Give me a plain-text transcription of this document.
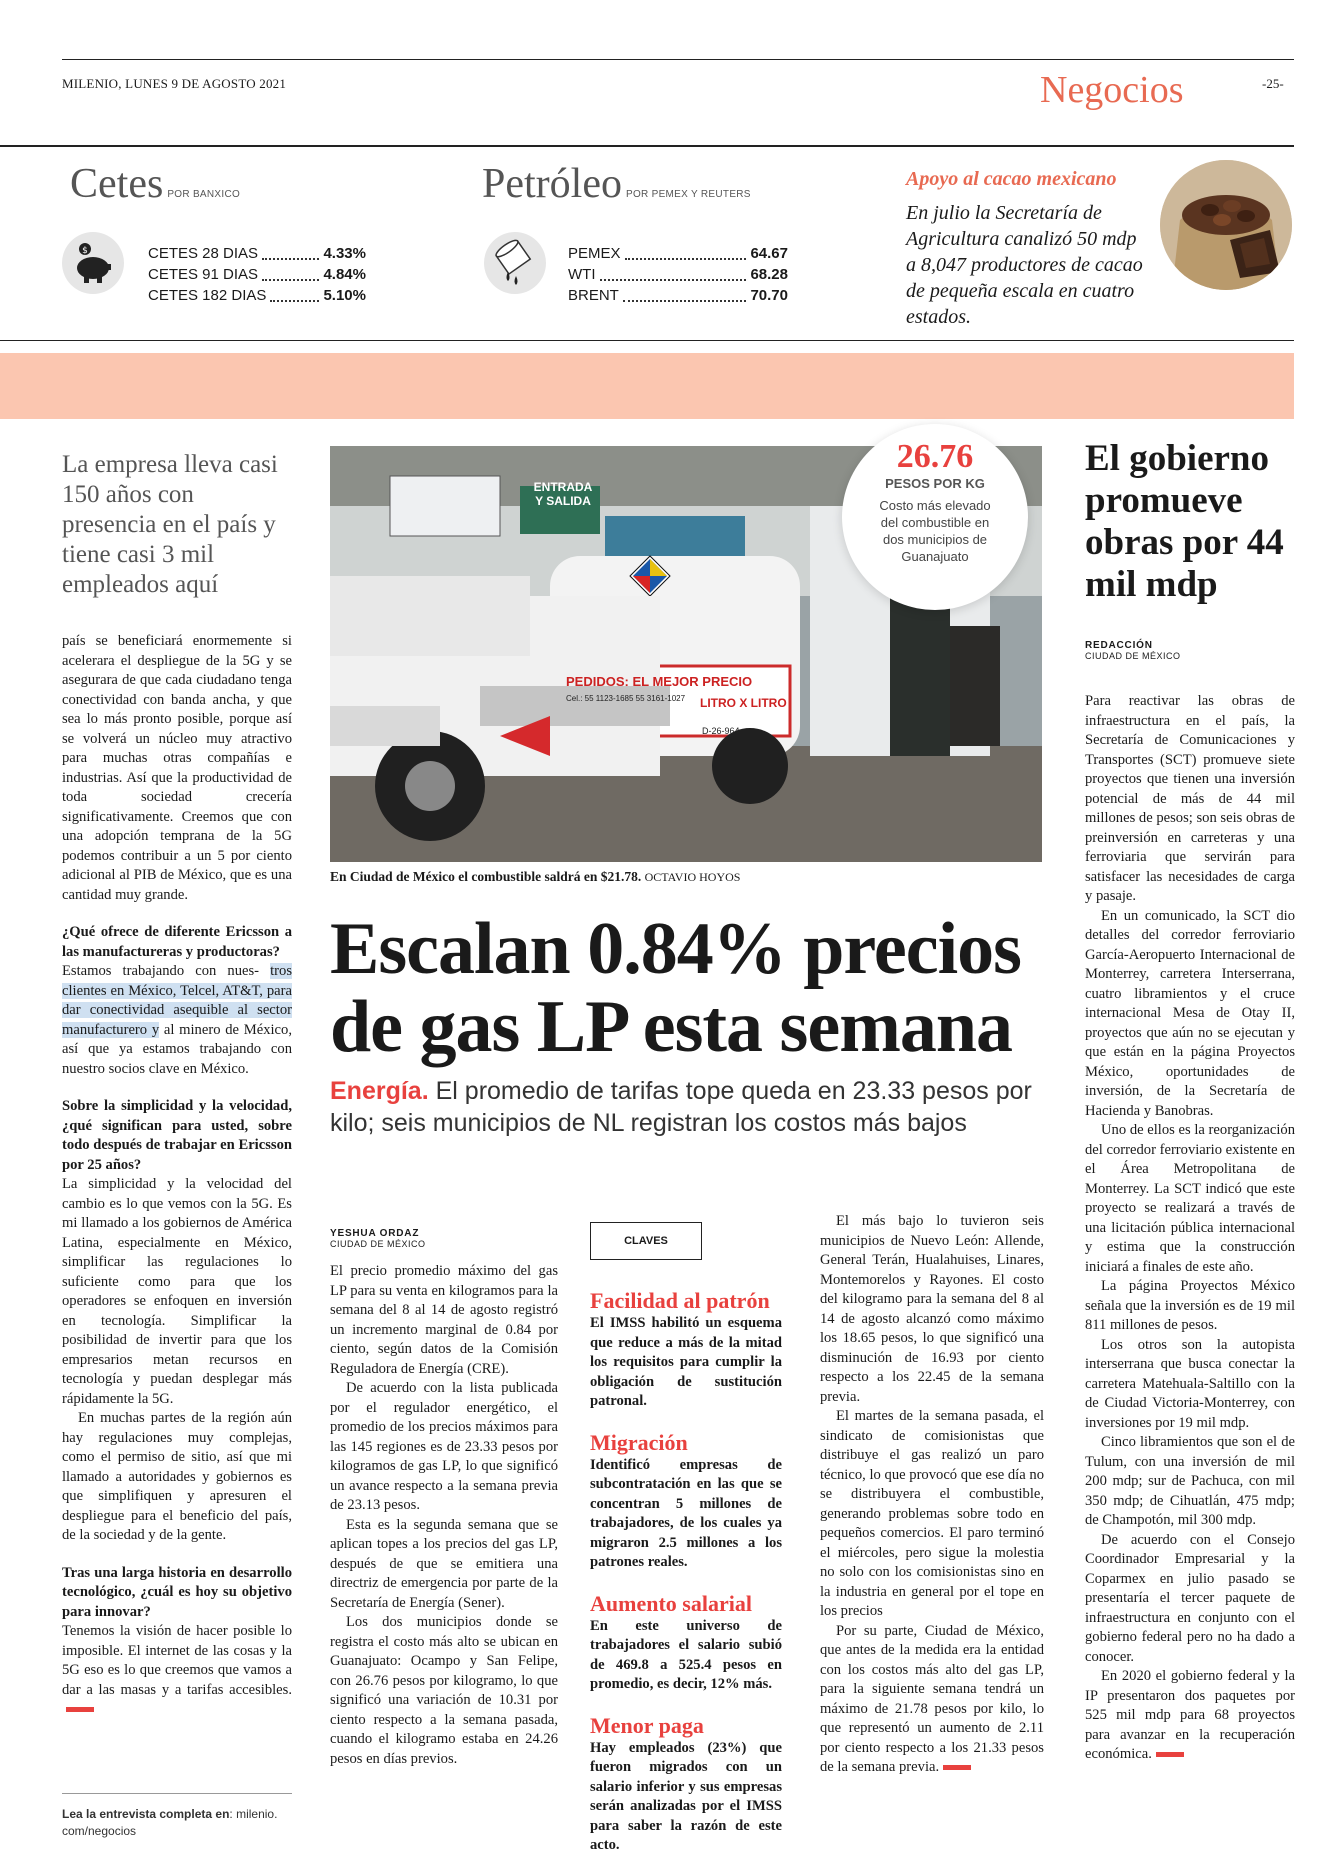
MILENIO, LUNES 9 DE AGOSTO 2021	Negocios	-25-
Cetes POR BANXICO
$	CETES 28 DIAS	4.33%
CETES 91 DIAS	4.84%
CETES 182 DIAS	5.10%
Petróleo POR PEMEX Y REUTERS
PEMEX	64.67
WTI	68.28
BRENT	70.70
Apoyo al cacao mexicano
En julio la Secretaría de Agricultura canalizó 50 mdp a 8,047 productores de cacao de pequeña escala en cuatro estados.
La empresa lleva casi 150 años con presencia en el país y tiene casi 3 mil empleados aquí

país se beneficiará enormemente si acelerara el despliegue de la 5G y se asegurara de que cada ciudadano tenga conectividad con banda ancha, y que sea lo más pronto posible, porque así se volverá un núcleo muy atractivo para muchas otras compañías e industrias. Así que la productividad de toda sociedad crecería significativamente. Creemos que con una adopción temprana de la 5G podemos contribuir a un 5 por ciento adicional al PIB de México, que es una cantidad muy grande.

¿Qué ofrece de diferente Ericsson a las manufactureras y productoras?

Estamos trabajando con nues- tros clientes en México, Telcel, AT&T, para dar conectividad asequible al sector manufacturero y al minero de México, así que ya estamos trabajando con nuestro socios clave en México.

Sobre la simplicidad y la velocidad, ¿qué significan para usted, sobre todo después de trabajar en Ericsson por 25 años?

La simplicidad y la velocidad del cambio es lo que vemos con la 5G. Es mi llamado a los gobiernos de América Latina, especialmente en México, simplificar las regulaciones lo suficiente como para que los operadores se enfoquen en inversión en tecnología. Simplificar la posibilidad de invertir para que los empresarios metan recursos en tecnología y puedan desplegar más rápidamente la 5G.

En muchas partes de la región aún hay regulaciones muy complejas, como el permiso de sitio, así que mi llamado a autoridades y gobiernos es que simplifiquen y apresuren el despliegue para el beneficio del país, de la sociedad y de la gente.

Tras una larga historia en desarrollo tecnológico, ¿cuál es hoy su objetivo para innovar?

Tenemos la visión de hacer posible lo imposible. El internet de las cosas y la 5G eso es lo que creemos que vamos a dar a las masas y a tarifas accesibles.

Lea la entrevista completa en: milenio. com/negocios
ENTRADA Y SALIDA
PEDIDOS: EL MEJOR PRECIO
Cel.: 55 1123-1685 55 3161-1027 LITRO X LITRO
D-26-964
En Ciudad de México el combustible saldrá en $21.78. OCTAVIO HOYOS
26.76
PESOS POR KG
Costo más elevado del combustible en dos municipios de Guanajuato
Escalan 0.84% precios de gas LP esta semana
Energía. El promedio de tarifas tope queda en 23.33 pesos por kilo; seis municipios de NL registran los costos más bajos
YESHUA ORDAZ
CIUDAD DE MÉXICO

El precio promedio máximo del gas LP para su venta en kilogramos para la semana del 8 al 14 de agosto registró un incremento marginal de 0.84 por ciento, según datos de la Comisión Reguladora de Energía (CRE).

De acuerdo con la lista publicada por el regulador energético, el promedio de los precios máximos para las 145 regiones es de 23.33 pesos por kilogramos de gas LP, lo que significó un avance respecto a la semana previa de 23.13 pesos.

Esta es la segunda semana que se aplican topes a los precios del gas LP, después de que se emitiera una directriz de emergencia por parte de la Secretaría de Energía (Sener).

Los dos municipios donde se registra el costo más alto se ubican en Guanajuato: Ocampo y San Felipe, con 26.76 pesos por kilogramo, lo que significó una variación de 10.31 por ciento respecto a la semana pasada, cuando el kilogramo estaba en 24.26 pesos en días previos.

CLAVES
Facilidad al patrón
El IMSS habilitó un esquema que reduce a más de la mitad los requisitos para cumplir la obligación de sustitución patronal.
Migración
Identificó empresas de subcontratación en las que se concentran 5 millones de trabajadores, de los cuales ya migraron 2.5 millones a los patrones reales.
Aumento salarial
En este universo de trabajadores el salario subió de 469.8 a 525.4 pesos en promedio, es decir, 12% más.
Menor paga
Hay empleados (23%) que fueron migrados con un salario inferior y sus empresas serán analizadas por el IMSS para saber la razón de este acto.

El más bajo lo tuvieron seis municipios de Nuevo León: Allende, General Terán, Hualahuises, Linares, Montemorelos y Rayones. El costo del kilogramo para la semana del 8 al 14 de agosto alcanzó como máximo los 18.65 pesos, lo que significó una disminución de 16.93 por ciento respecto a los 22.45 de la semana previa.

El martes de la semana pasada, el sindicato de comisionistas que distribuye el gas realizó un paro técnico, lo que provocó que ese día no se distribuyera el combustible, generando problemas sobre todo en pequeños comercios. El paro terminó el miércoles, pero sigue la molestia no solo con los comisionistas sino en la industria en general por el tope en los precios

Por su parte, Ciudad de México, que antes de la medida era la entidad con los costos más alto del gas LP, para la siguiente semana tendrá un máximo de 21.78 pesos por kilo, lo que representó un aumento de 2.11 por ciento respecto a los 21.33 pesos de la semana previa.

El gobierno promueve obras por 44 mil mdp
REDACCIÓN
CIUDAD DE MÉXICO

Para reactivar las obras de infraestructura en el país, la Secretaría de Comunicaciones y Transportes (SCT) promueve siete proyectos que tienen una inversión potencial de más de 44 mil millones de pesos; son seis obras de preinversión en carreteras y una ferroviaria que servirán para satisfacer las necesidades de carga y pasaje.

En un comunicado, la SCT dio detalles del corredor ferroviario García-Aeropuerto Internacional de Monterrey, carretera Interserrana, cuatro libramientos y el cruce internacional Mesa de Otay II, proyectos que aún no se ejecutan y que están en la página Proyectos México, oportunidades de inversión, de la Secretaría de Hacienda y Banobras.

Uno de ellos es la reorganización del corredor ferroviario existente en el Área Metropolitana de Monterrey. La SCT indicó que este proyecto se realizará a través de una licitación pública internacional y estima que la construcción iniciará a finales de este año.

La página Proyectos México señala que la inversión es de 19 mil 811 millones de pesos.

Los otros son la autopista interserrana que busca conectar la carretera Matehuala-Saltillo con la de Ciudad Victoria-Monterrey, con inversiones por 19 mil mdp.

Cinco libramientos que son el de Tulum, con una inversión de mil 200 mdp; sur de Pachuca, con mil 350 mdp; de Cihuatlán, 475 mdp; de Champotón, mil 300 mdp.

De acuerdo con el Consejo Coordinador Empresarial y la Coparmex en julio pasado se presentaría el tercer paquete de infraestructura en conjunto con el gobierno federal pero no ha dado a conocer.

En 2020 el gobierno federal y la IP presentaron dos paquetes por 525 mil mdp para 68 proyectos para avanzar en la recuperación económica.
